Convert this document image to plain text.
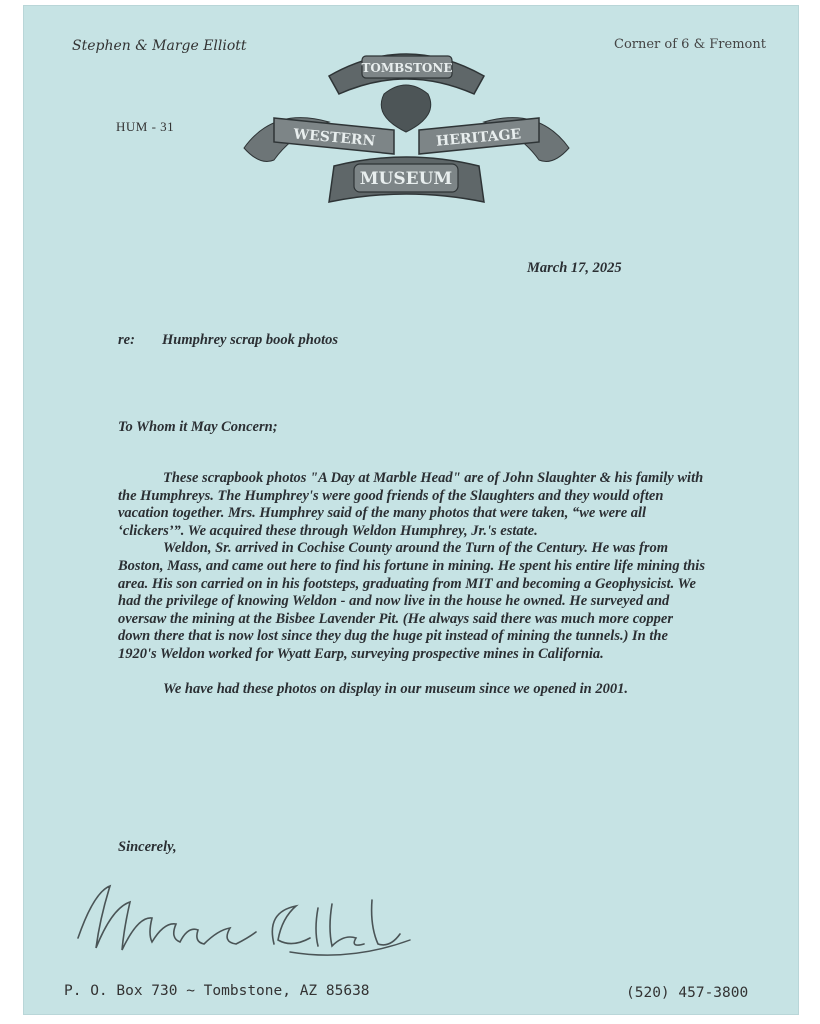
Stephen & Marge Elliott	Corner of 6 & Fremont
HUM - 31
TOMBSTONE
WESTERN	HERITAGE
MUSEUM
March 17, 2025
re: Humphrey scrap book photos
To Whom it May Concern;

These scrapbook photos "A Day at Marble Head" are of John Slaughter & his family with the Humphreys. The Humphrey's were good friends of the Slaughters and they would often vacation together. Mrs. Humphrey said of the many photos that were taken, “we were all ‘clickers’”. We acquired these through Weldon Humphrey, Jr.'s estate.

Weldon, Sr. arrived in Cochise County around the Turn of the Century. He was from Boston, Mass, and came out here to find his fortune in mining. He spent his entire life mining this area. His son carried on in his footsteps, graduating from MIT and becoming a Geophysicist. We had the privilege of knowing Weldon - and now live in the house he owned. He surveyed and oversaw the mining at the Bisbee Lavender Pit. (He always said there was much more copper down there that is now lost since they dug the huge pit instead of mining the tunnels.) In the 1920's Weldon worked for Wyatt Earp, surveying prospective mines in California.

We have had these photos on display in our museum since we opened in 2001.

Sincerely,
P. O. Box 730 ~ Tombstone, AZ 85638	(520) 457-3800
